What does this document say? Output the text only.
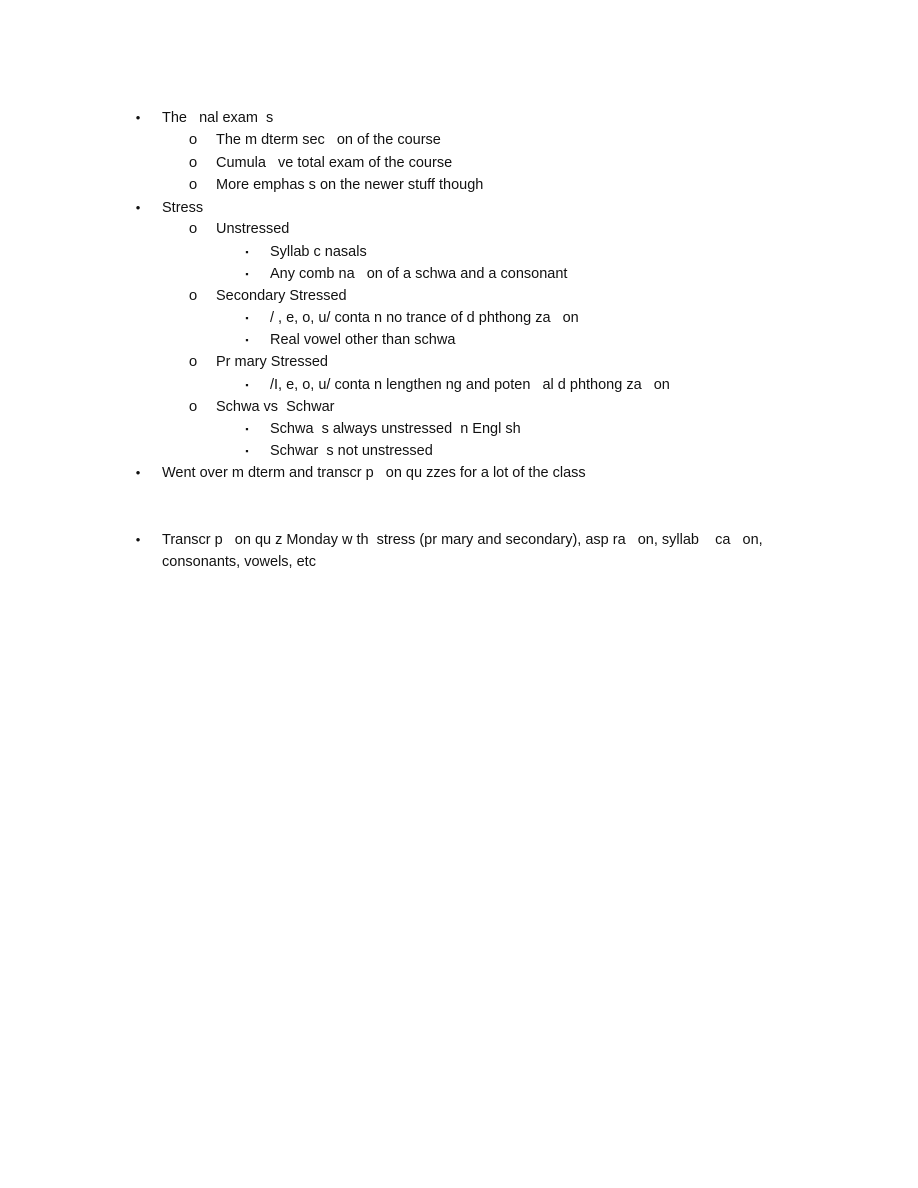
• The   nal exam  s
o The m dterm sec   on of the course
o Cumula   ve total exam of the course
o More emphas s on the newer stuff though
• Stress
o Unstressed
▪	Syllab c nasals
▪	Any comb na   on of a schwa and a consonant
o Secondary Stressed
▪	/ , e, o, u/ conta n no trance of d phthong za   on
▪	Real vowel other than schwa
o Pr mary Stressed
▪	/I, e, o, u/ conta n lengthen ng and poten   al d phthong za   on
o Schwa vs  Schwar
▪	Schwa  s always unstressed  n Engl sh
▪	Schwar  s not unstressed
• Went over m dterm and transcr p   on qu zzes for a lot of the class
• Transcr p   on qu z Monday w th  stress (pr mary and secondary), asp ra   on, syllab    ca   on,
consonants, vowels, etc
